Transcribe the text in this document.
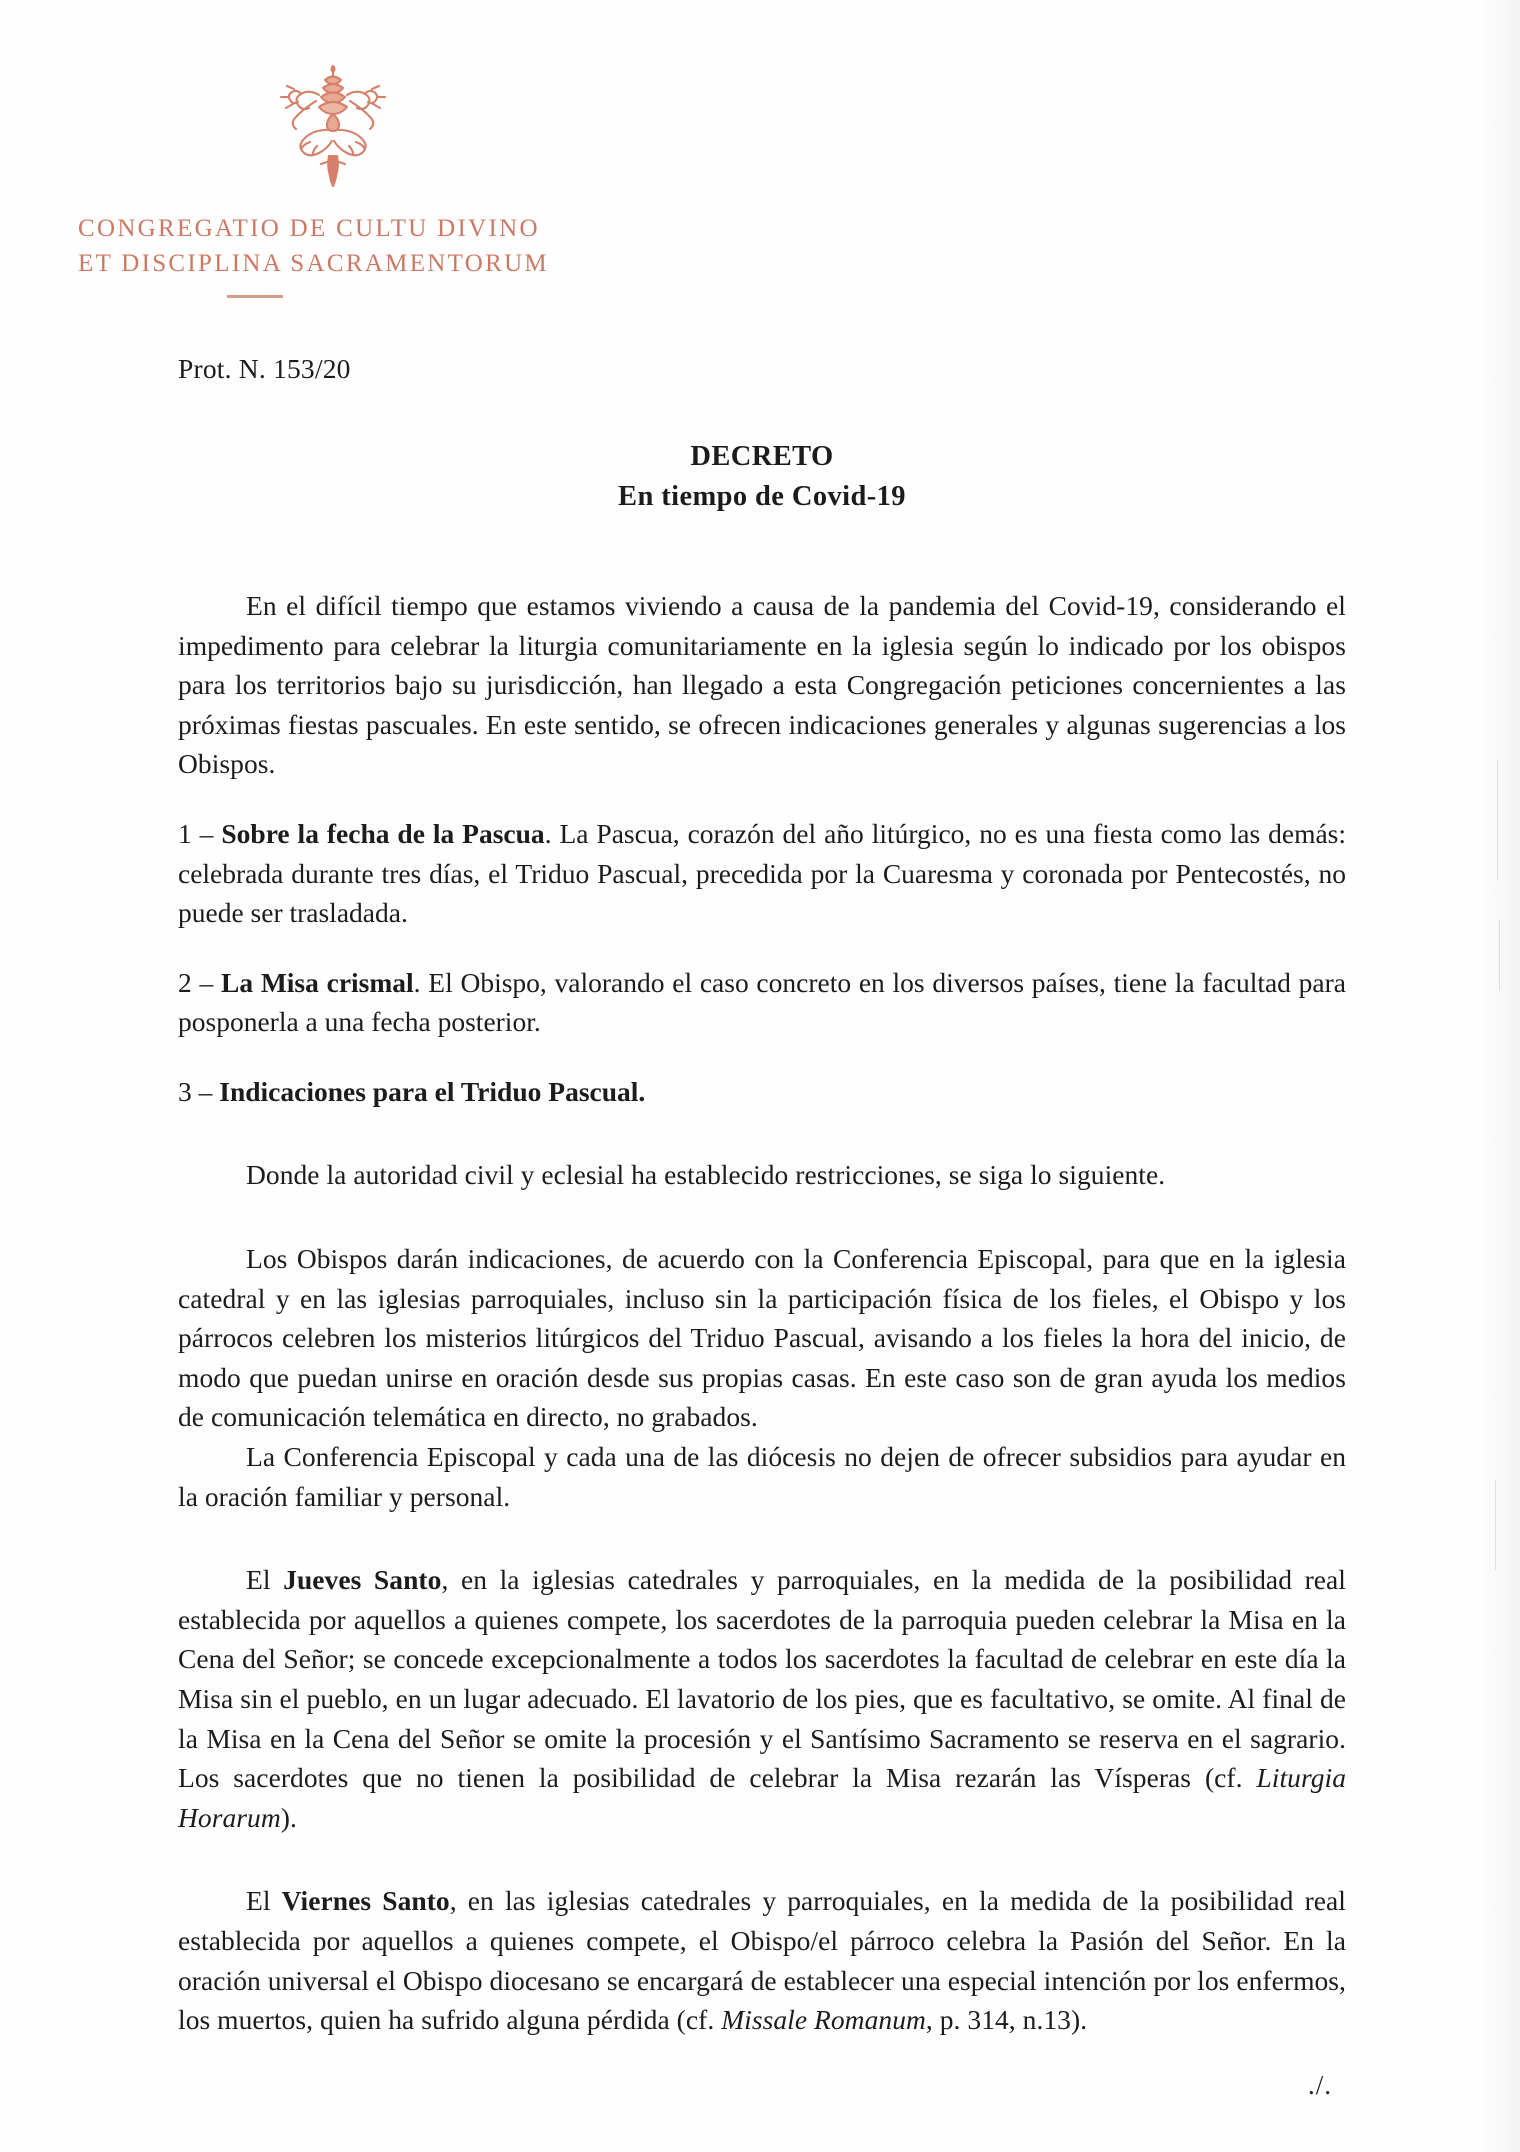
CONGREGATIO DE CULTU DIVINO
ET DISCIPLINA SACRAMENTORUM
Prot. N. 153/20
DECRETO
En tiempo de Covid-19

En el difícil tiempo que estamos viviendo a causa de la pandemia del Covid-19, considerando el impedimento para celebrar la liturgia comunitariamente en la iglesia según lo indicado por los obispos para los territorios bajo su jurisdicción, han llegado a esta Congregación peticiones concernientes a las próximas fiestas pascuales. En este sentido, se ofrecen indicaciones generales y algunas sugerencias a los Obispos.

1 – Sobre la fecha de la Pascua. La Pascua, corazón del año litúrgico, no es una fiesta como las demás: celebrada durante tres días, el Triduo Pascual, precedida por la Cuaresma y coronada por Pentecostés, no puede ser trasladada.

2 – La Misa crismal. El Obispo, valorando el caso concreto en los diversos países, tiene la facultad para posponerla a una fecha posterior.

3 – Indicaciones para el Triduo Pascual.

Donde la autoridad civil y eclesial ha establecido restricciones, se siga lo siguiente.

Los Obispos darán indicaciones, de acuerdo con la Conferencia Episcopal, para que en la iglesia catedral y en las iglesias parroquiales, incluso sin la participación física de los fieles, el Obispo y los párrocos celebren los misterios litúrgicos del Triduo Pascual, avisando a los fieles la hora del inicio, de modo que puedan unirse en oración desde sus propias casas. En este caso son de gran ayuda los medios de comunicación telemática en directo, no grabados.

La Conferencia Episcopal y cada una de las diócesis no dejen de ofrecer subsidios para ayudar en la oración familiar y personal.

El Jueves Santo, en la iglesias catedrales y parroquiales, en la medida de la posibilidad real establecida por aquellos a quienes compete, los sacerdotes de la parroquia pueden celebrar la Misa en la Cena del Señor; se concede excepcionalmente a todos los sacerdotes la facultad de celebrar en este día la Misa sin el pueblo, en un lugar adecuado. El lavatorio de los pies, que es facultativo, se omite. Al final de la Misa en la Cena del Señor se omite la procesión y el Santísimo Sacramento se reserva en el sagrario. Los sacerdotes que no tienen la posibilidad de celebrar la Misa rezarán las Vísperas (cf. Liturgia Horarum).

El Viernes Santo, en las iglesias catedrales y parroquiales, en la medida de la posibilidad real establecida por aquellos a quienes compete, el Obispo/el párroco celebra la Pasión del Señor. En la oración universal el Obispo diocesano se encargará de establecer una especial intención por los enfermos, los muertos, quien ha sufrido alguna pérdida (cf. Missale Romanum, p. 314, n.13).

./.
